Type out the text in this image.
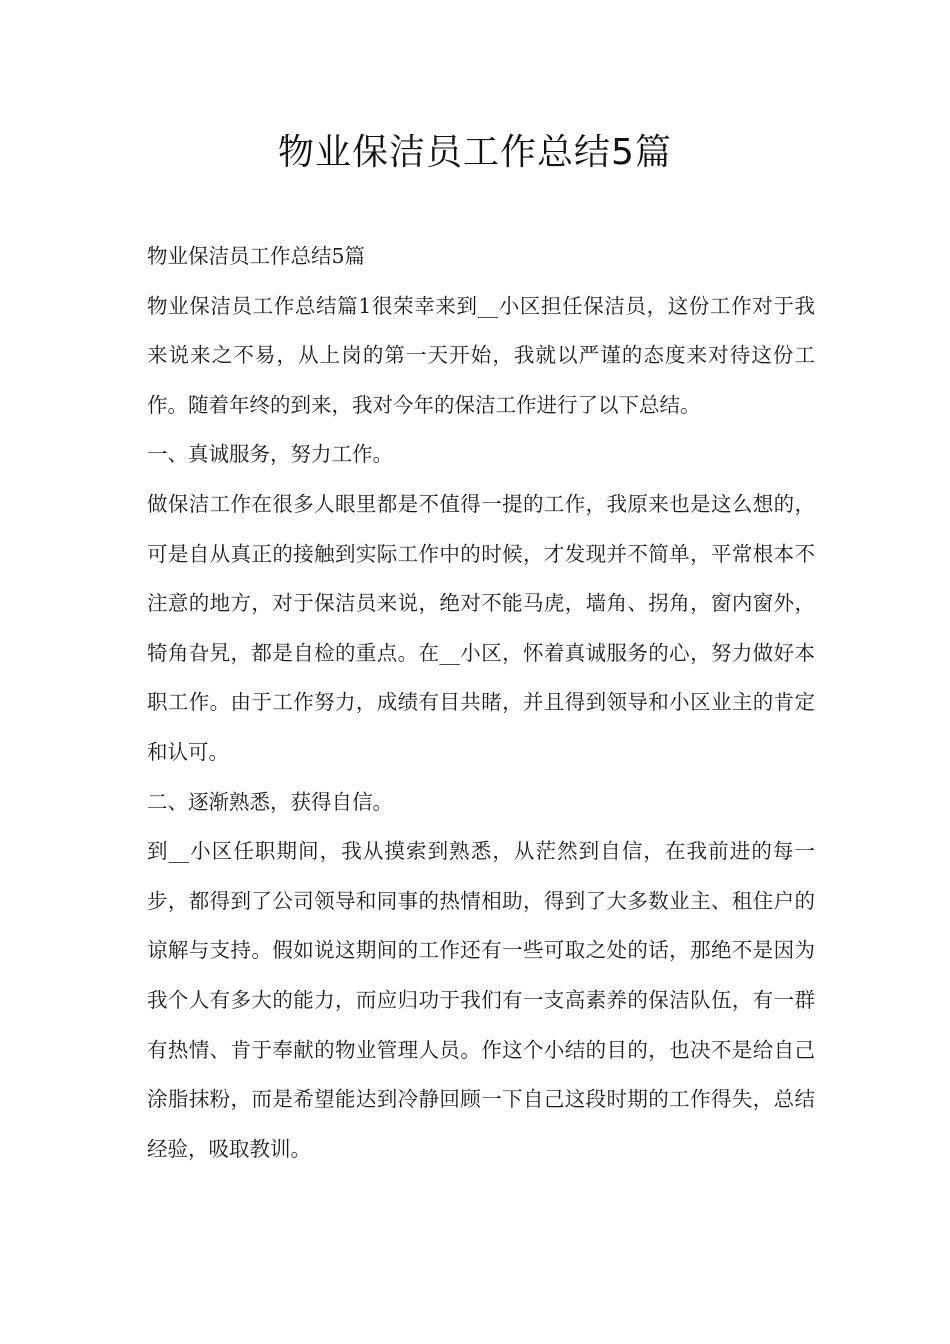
物业保洁员工作总结5篇

物业保洁员工作总结5篇

物业保洁员工作总结篇1很荣幸来到__小区担任保洁员，这份工作对于我来说来之不易，从上岗的第一天开始，我就以严谨的态度来对待这份工作。随着年终的到来，我对今年的保洁工作进行了以下总结。

一、真诚服务，努力工作。

做保洁工作在很多人眼里都是不值得一提的工作，我原来也是这么想的，可是自从真正的接触到实际工作中的时候，才发现并不简单，平常根本不注意的地方，对于保洁员来说，绝对不能马虎，墙角、拐角，窗内窗外，犄角旮旯，都是自检的重点。在__小区，怀着真诚服务的心，努力做好本职工作。由于工作努力，成绩有目共睹，并且得到领导和小区业主的肯定和认可。

二、逐渐熟悉，获得自信。

到__小区任职期间，我从摸索到熟悉，从茫然到自信，在我前进的每一步，都得到了公司领导和同事的热情相助，得到了大多数业主、租住户的谅解与支持。假如说这期间的工作还有一些可取之处的话，那绝不是因为我个人有多大的能力，而应归功于我们有一支高素养的保洁队伍，有一群有热情、肯于奉献的物业管理人员。作这个小结的目的，也决不是给自己涂脂抹粉，而是希望能达到冷静回顾一下自己这段时期的工作得失，总结经验，吸取教训。
